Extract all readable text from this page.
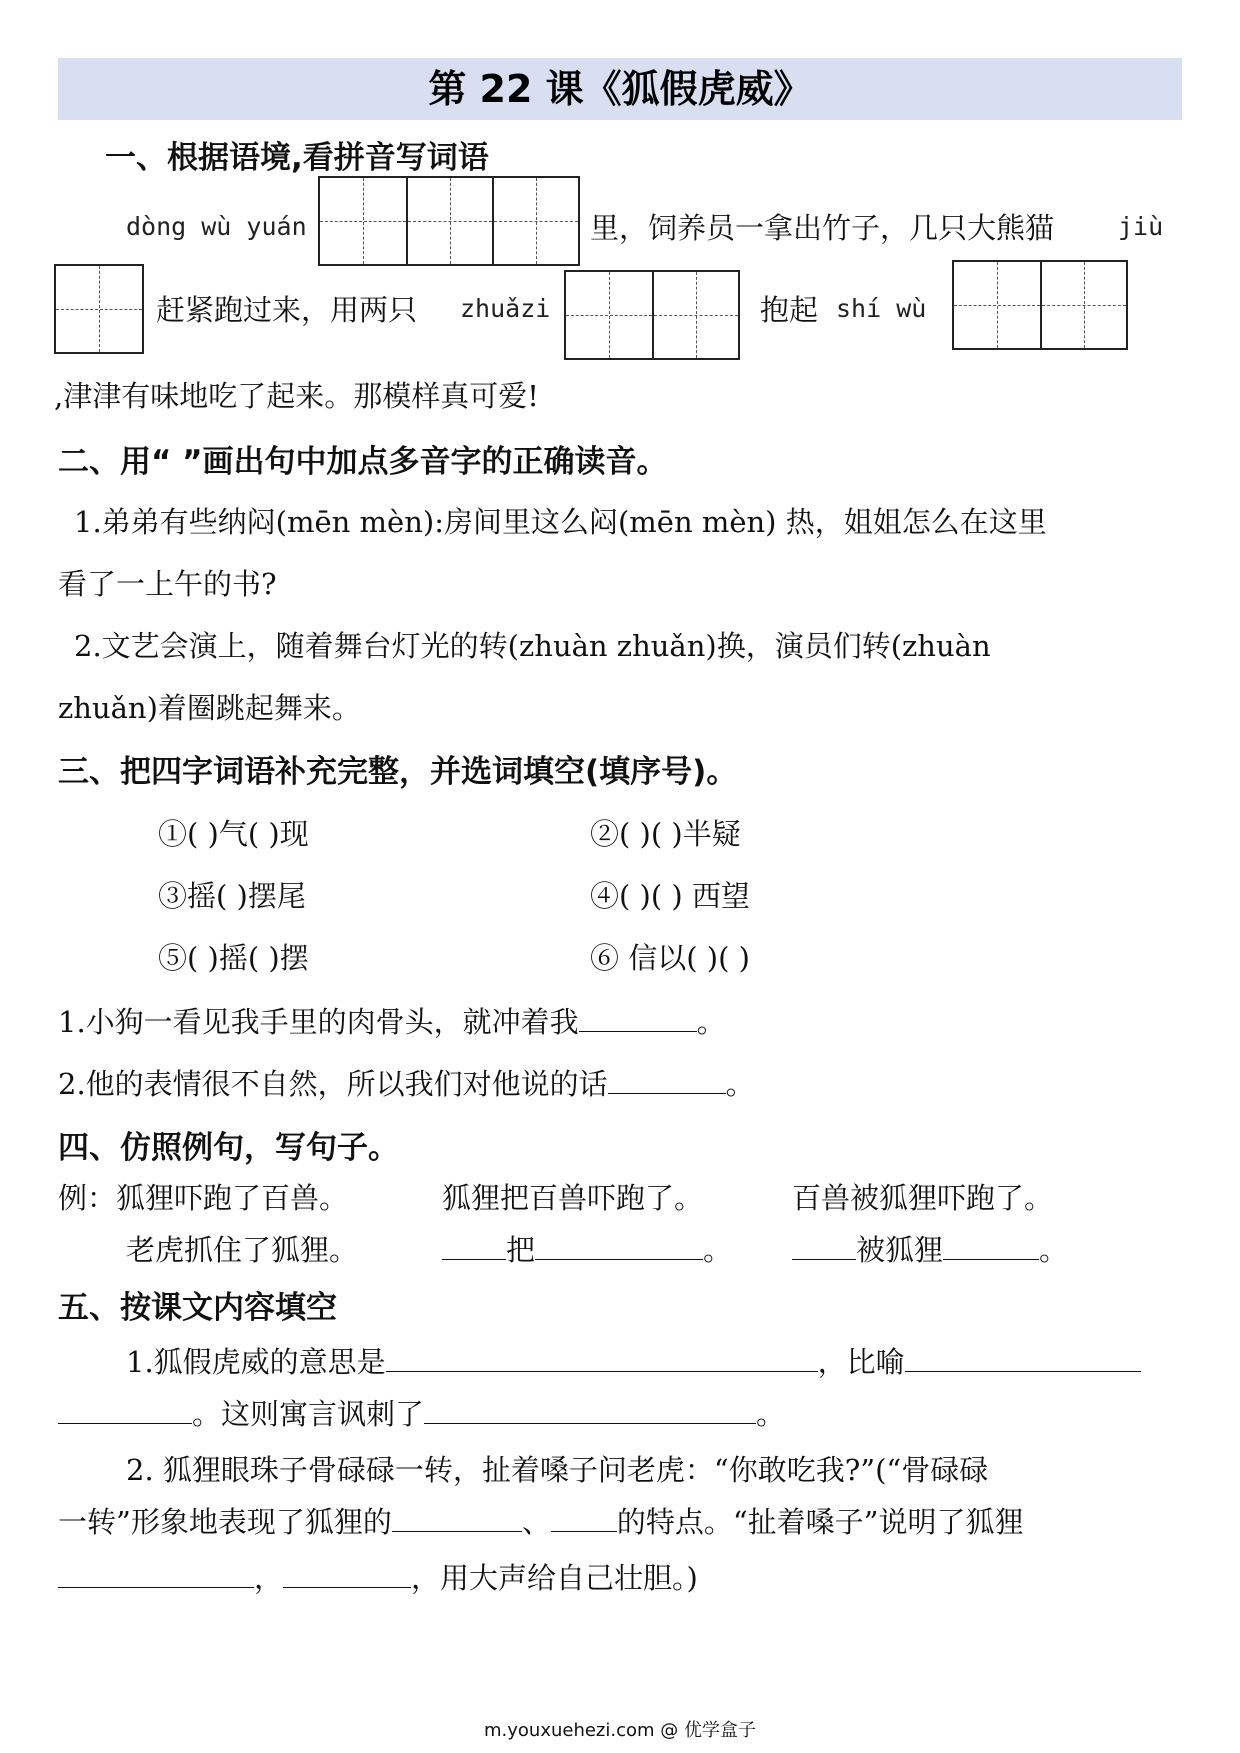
第 22 课《狐假虎威》
一、根据语境,看拼音写词语
dòng wù yuán	里，饲养员一拿出竹子，几只大熊猫	jiù
赶紧跑过来，用两只 zhuǎzi	抱起 shí wù
,津津有味地吃了起来。那模样真可爱!
二、用“ ”画出句中加点多音字的正确读音。
1.弟弟有些纳闷(mēn mèn):房间里这么闷(mēn mèn) 热，姐姐怎么在这里
看了一上午的书?
2.文艺会演上，随着舞台灯光的转(zhuàn zhuǎn)换，演员们转(zhuàn
zhuǎn)着圈跳起舞来。
三、把四字词语补充完整，并选词填空(填序号)。
①( )气( )现	②( )( )半疑
③摇( )摆尾	④( )( ) 西望
⑤( )摇( )摆	⑥ 信以( )( )
1.小狗一看见我手里的肉骨头，就冲着我	。
2.他的表情很不自然，所以我们对他说的话	。
四、仿照例句，写句子。
例：狐狸吓跑了百兽。	狐狸把百兽吓跑了。	百兽被狐狸吓跑了。
老虎抓住了狐狸。	把	。	被狐狸	。
五、按课文内容填空
1.狐假虎威的意思是	，比喻
。这则寓言讽刺了	。
2. 狐狸眼珠子骨碌碌一转，扯着嗓子问老虎：“你敢吃我?”(“骨碌碌
一转”形象地表现了狐狸的	、 的特点。“扯着嗓子”说明了狐狸
，	，用大声给自己壮胆。)
m.youxuehezi.com @ 优学盒子
